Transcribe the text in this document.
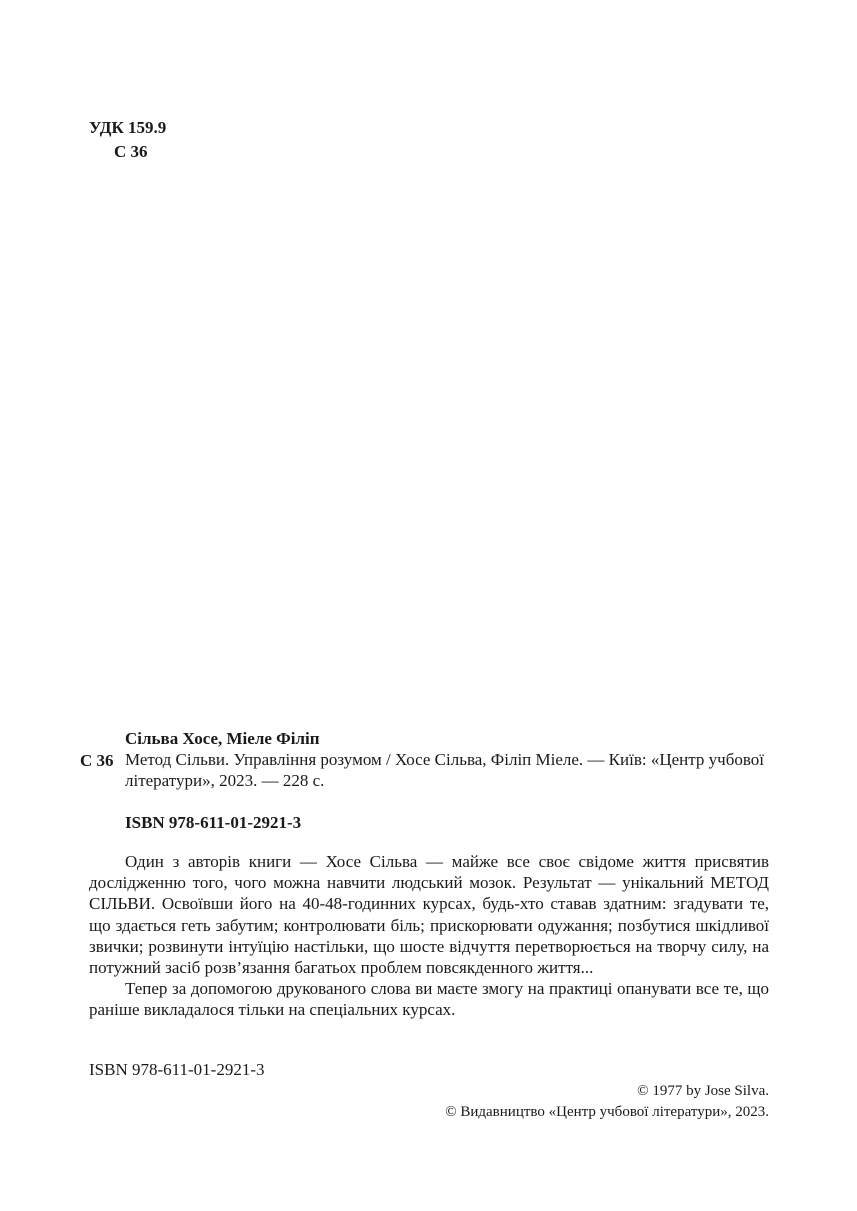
УДК 159.9
С 36
С 36
Сільва Хосе, Міеле Філіп
Метод Сільви. Управління розумом / Хосе Сільва, Філіп Міеле. — Київ: «Центр учбової літератури», 2023. — 228 с.
ISBN 978-611-01-2921-3

Один з авторів книги — Хосе Сільва — майже все своє свідоме життя присвятив дослідженню того, чого можна навчити людський мозок. Результат — унікальний МЕТОД СІЛЬВИ. Освоївши його на 40-48-годинних курсах, будь-хто ставав здатним: згадувати те, що здається геть забутим; контролювати біль; прискорювати одужання; позбутися шкідливої звички; розвинути інтуїцію настільки, що шосте відчуття перетворюється на творчу силу, на потужний засіб розв’язання багатьох проблем повсякденного життя...

Тепер за допомогою друкованого слова ви маєте змогу на практиці опанувати все те, що раніше викладалося тільки на спеціальних курсах.

ISBN 978-611-01-2921-3
© 1977 by Jose Silva.
© Видавництво «Центр учбової літератури», 2023.
